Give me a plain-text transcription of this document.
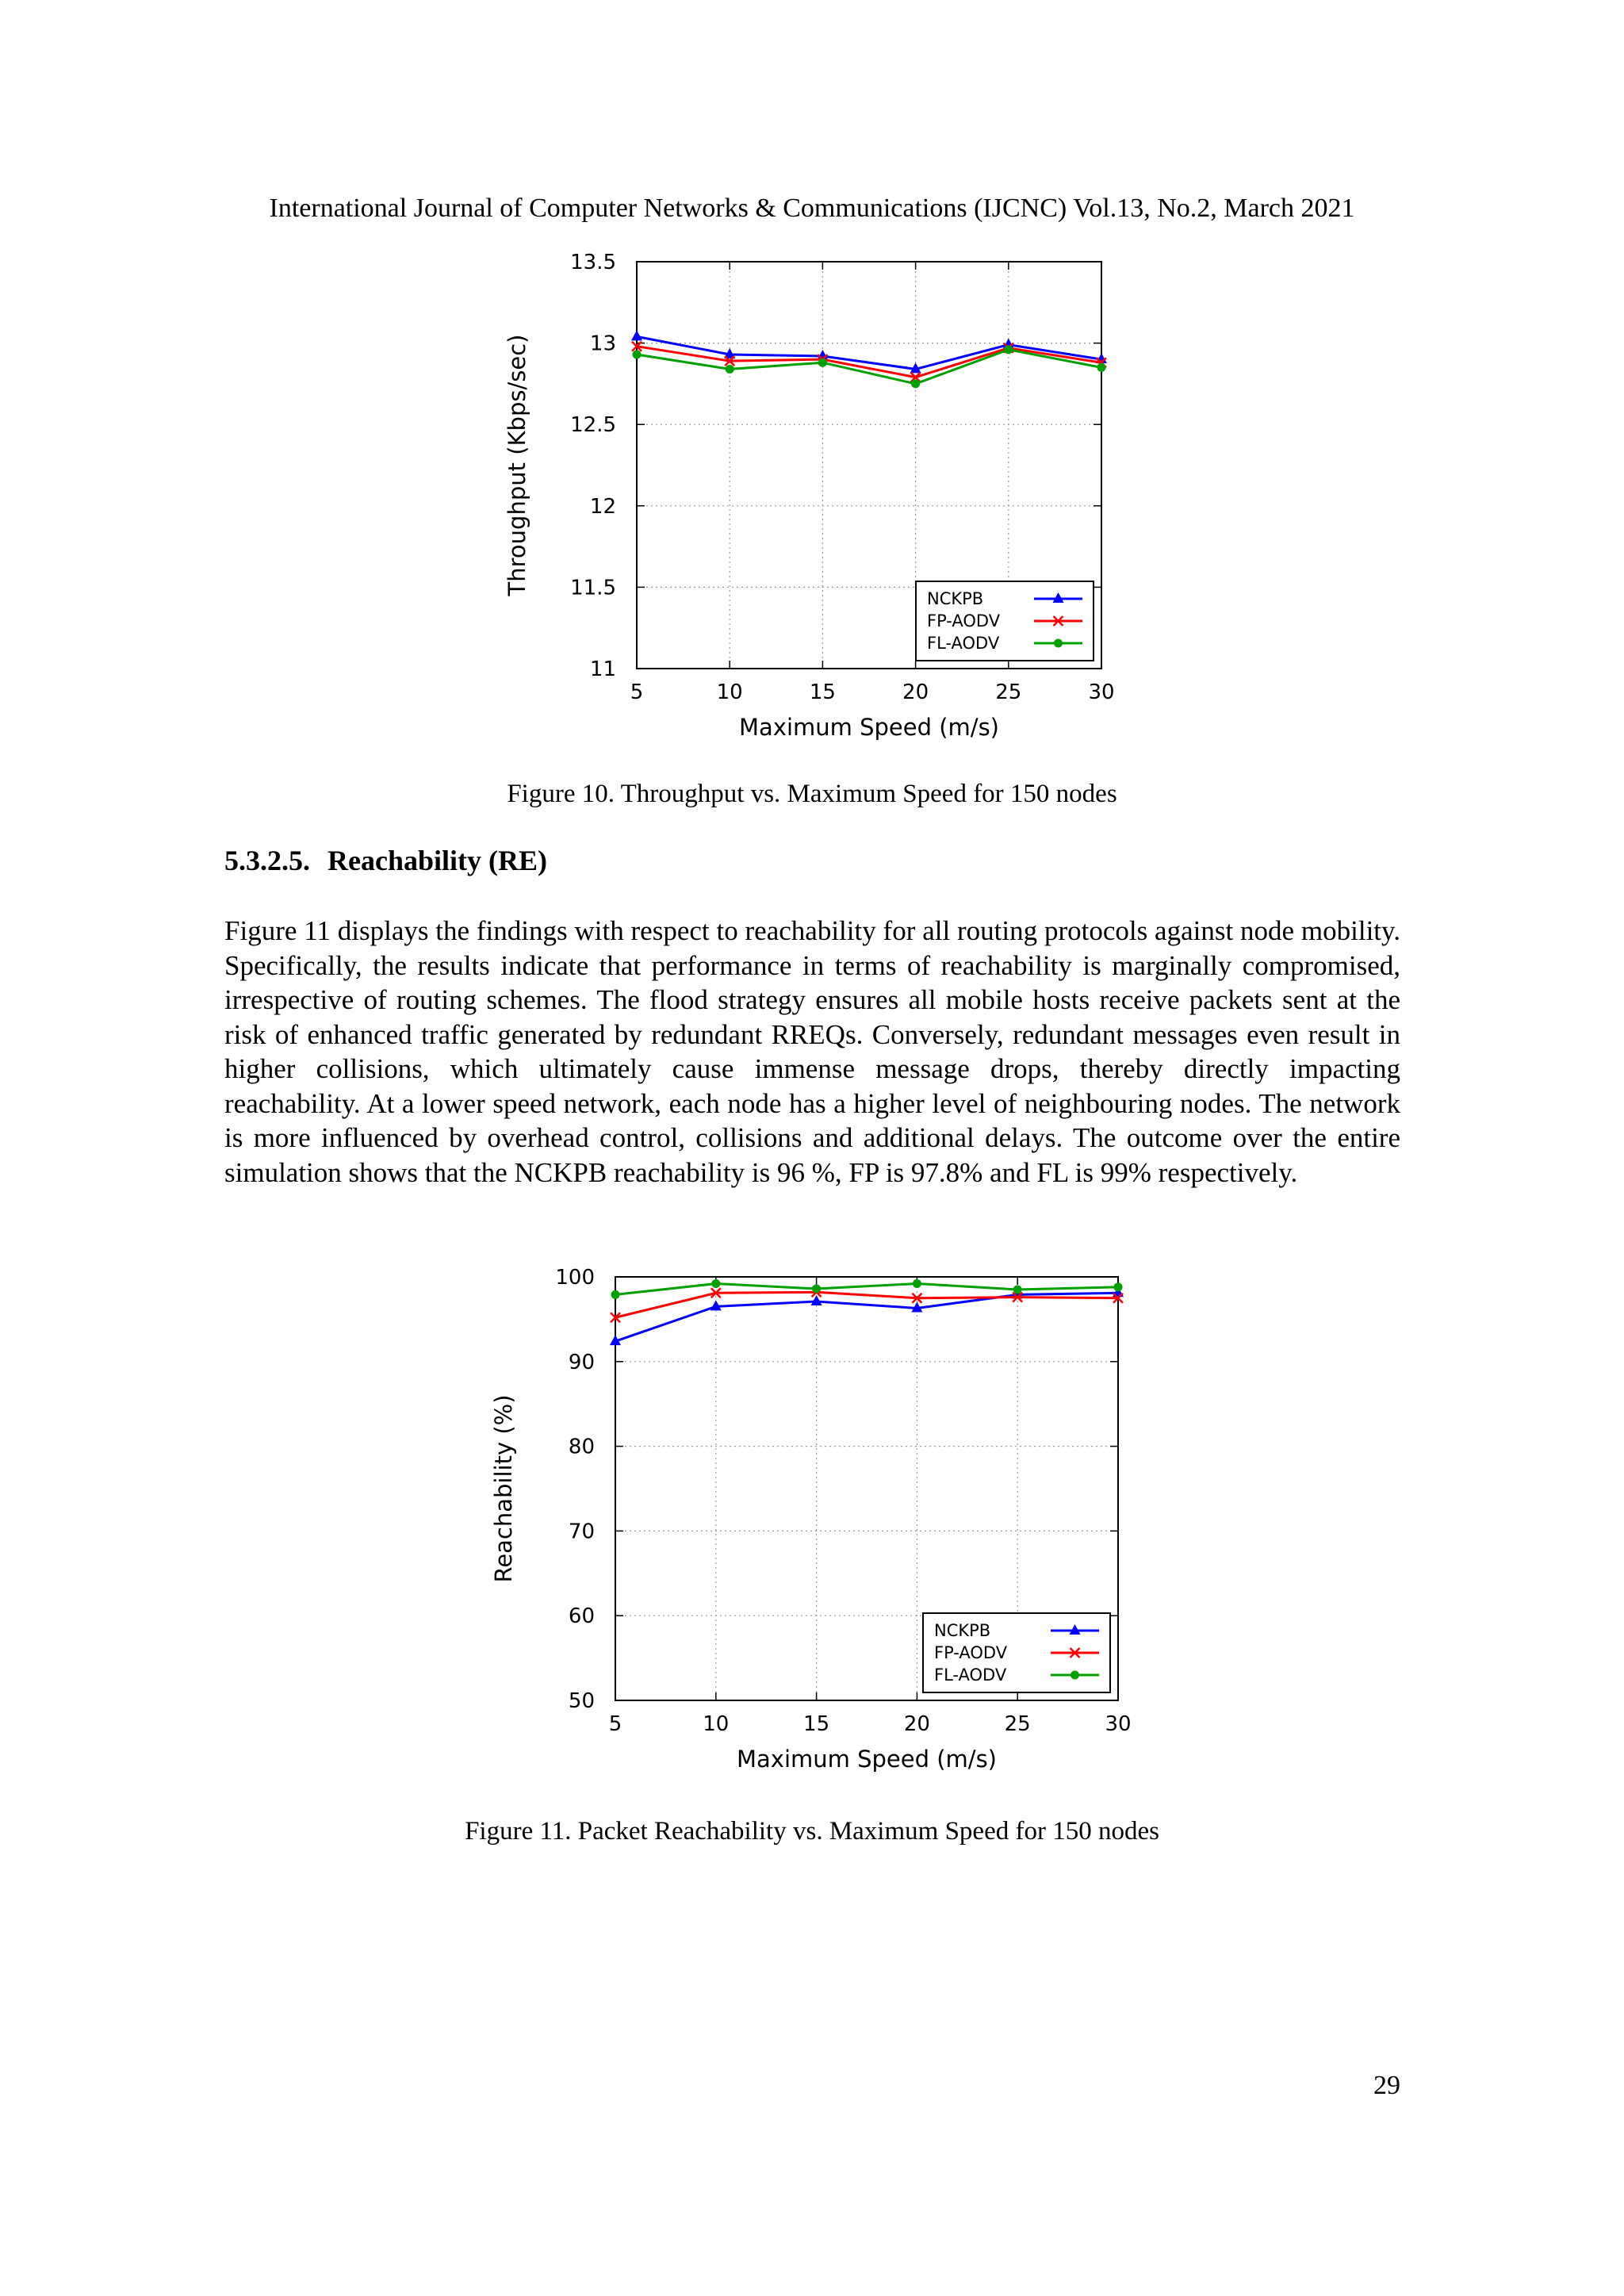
International Journal of Computer Networks & Communications (IJCNC) Vol.13, No.2, March 2021
5	10	15	20	25	30
11
11.5
12
12.5
13
13.5
Maximum Speed (m/s)
Throughput (Kbps/sec)
NCKPB
FP-AODV
FL-AODV
Figure 10. Throughput vs. Maximum Speed for 150 nodes
5.3.2.5. Reachability (RE)
Figure 11 displays the findings with respect to reachability for all routing protocols against node mobility. Specifically, the results indicate that performance in terms of reachability is marginally compromised, irrespective of routing schemes. The flood strategy ensures all mobile hosts receive packets sent at the risk of enhanced traffic generated by redundant RREQs. Conversely, redundant messages even result in higher collisions, which ultimately cause immense message drops, thereby directly impacting reachability. At a lower speed network, each node has a higher level of neighbouring nodes. The network is more influenced by overhead control, collisions and additional delays. The outcome over the entire simulation shows that the NCKPB reachability is 96 %, FP is 97.8% and FL is 99% respectively.
5	10	15	20	25	30
50
60
70
80
90
100
Maximum Speed (m/s)
Reachability (%)
NCKPB
FP-AODV
FL-AODV
Figure 11. Packet Reachability vs. Maximum Speed for 150 nodes
29
